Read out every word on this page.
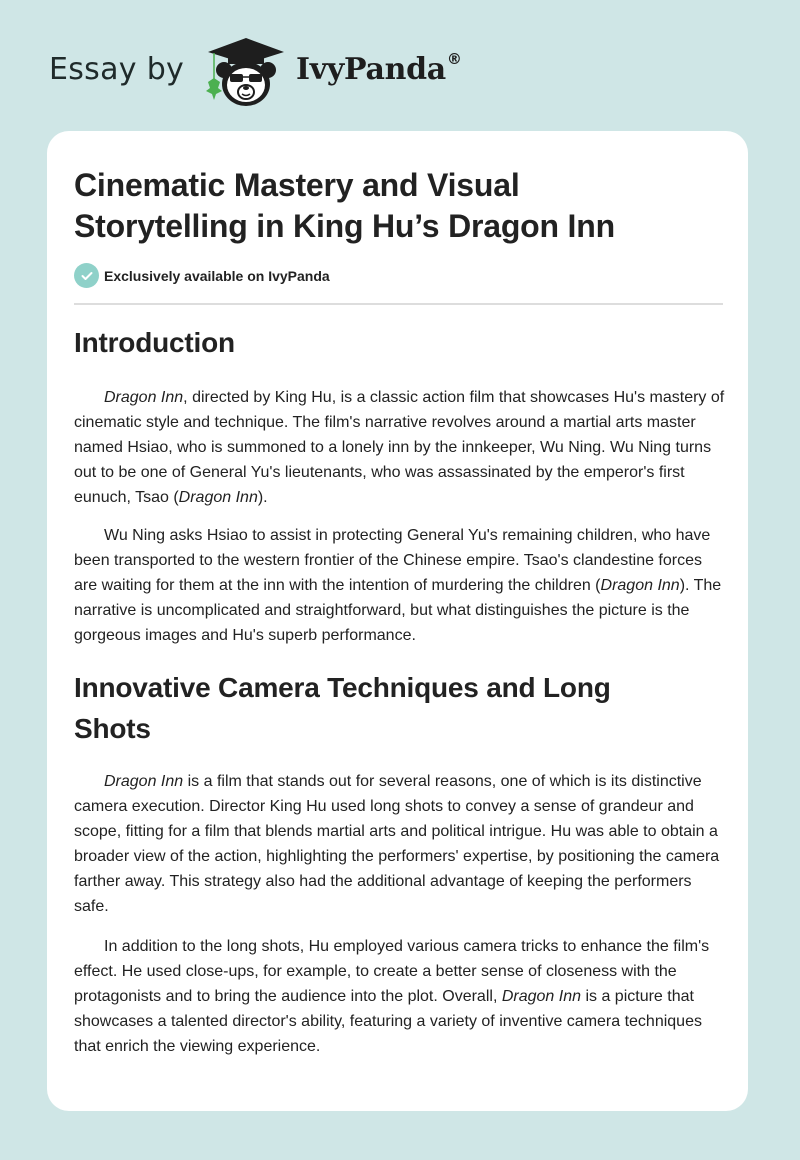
Essay by	IvyPanda®
Cinematic Mastery and Visual Storytelling in King Hu’s Dragon Inn
Exclusively available on IvyPanda
Introduction

Dragon Inn, directed by King Hu, is a classic action film that showcases Hu's mastery of cinematic style and technique. The film's narrative revolves around a martial arts master named Hsiao, who is summoned to a lonely inn by the innkeeper, Wu Ning. Wu Ning turns out to be one of General Yu's lieutenants, who was assassinated by the emperor's first eunuch, Tsao (Dragon Inn).

Wu Ning asks Hsiao to assist in protecting General Yu's remaining children, who have been transported to the western frontier of the Chinese empire. Tsao's clandestine forces are waiting for them at the inn with the intention of murdering the children (Dragon Inn). The narrative is uncomplicated and straightforward, but what distinguishes the picture is the gorgeous images and Hu's superb performance.

Innovative Camera Techniques and Long Shots

Dragon Inn is a film that stands out for several reasons, one of which is its distinctive camera execution. Director King Hu used long shots to convey a sense of grandeur and scope, fitting for a film that blends martial arts and political intrigue. Hu was able to obtain a broader view of the action, highlighting the performers' expertise, by positioning the camera farther away. This strategy also had the additional advantage of keeping the performers safe.

In addition to the long shots, Hu employed various camera tricks to enhance the film's effect. He used close-ups, for example, to create a better sense of closeness with the protagonists and to bring the audience into the plot. Overall, Dragon Inn is a picture that showcases a talented director's ability, featuring a variety of inventive camera techniques that enrich the viewing experience.
